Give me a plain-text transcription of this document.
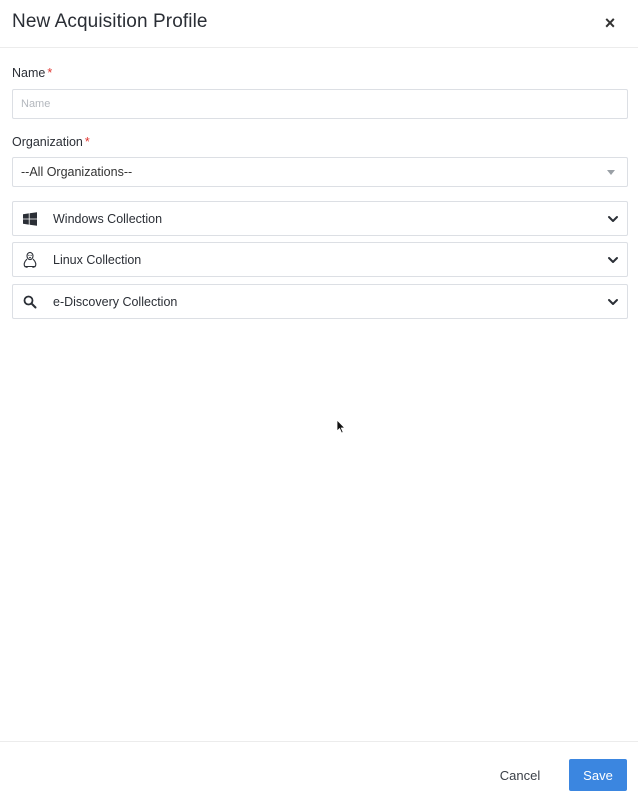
New Acquisition Profile	×
Name *
Name
Organization *
--All Organizations--
Windows Collection
Linux Collection
e-Discovery Collection
Cancel	Save
